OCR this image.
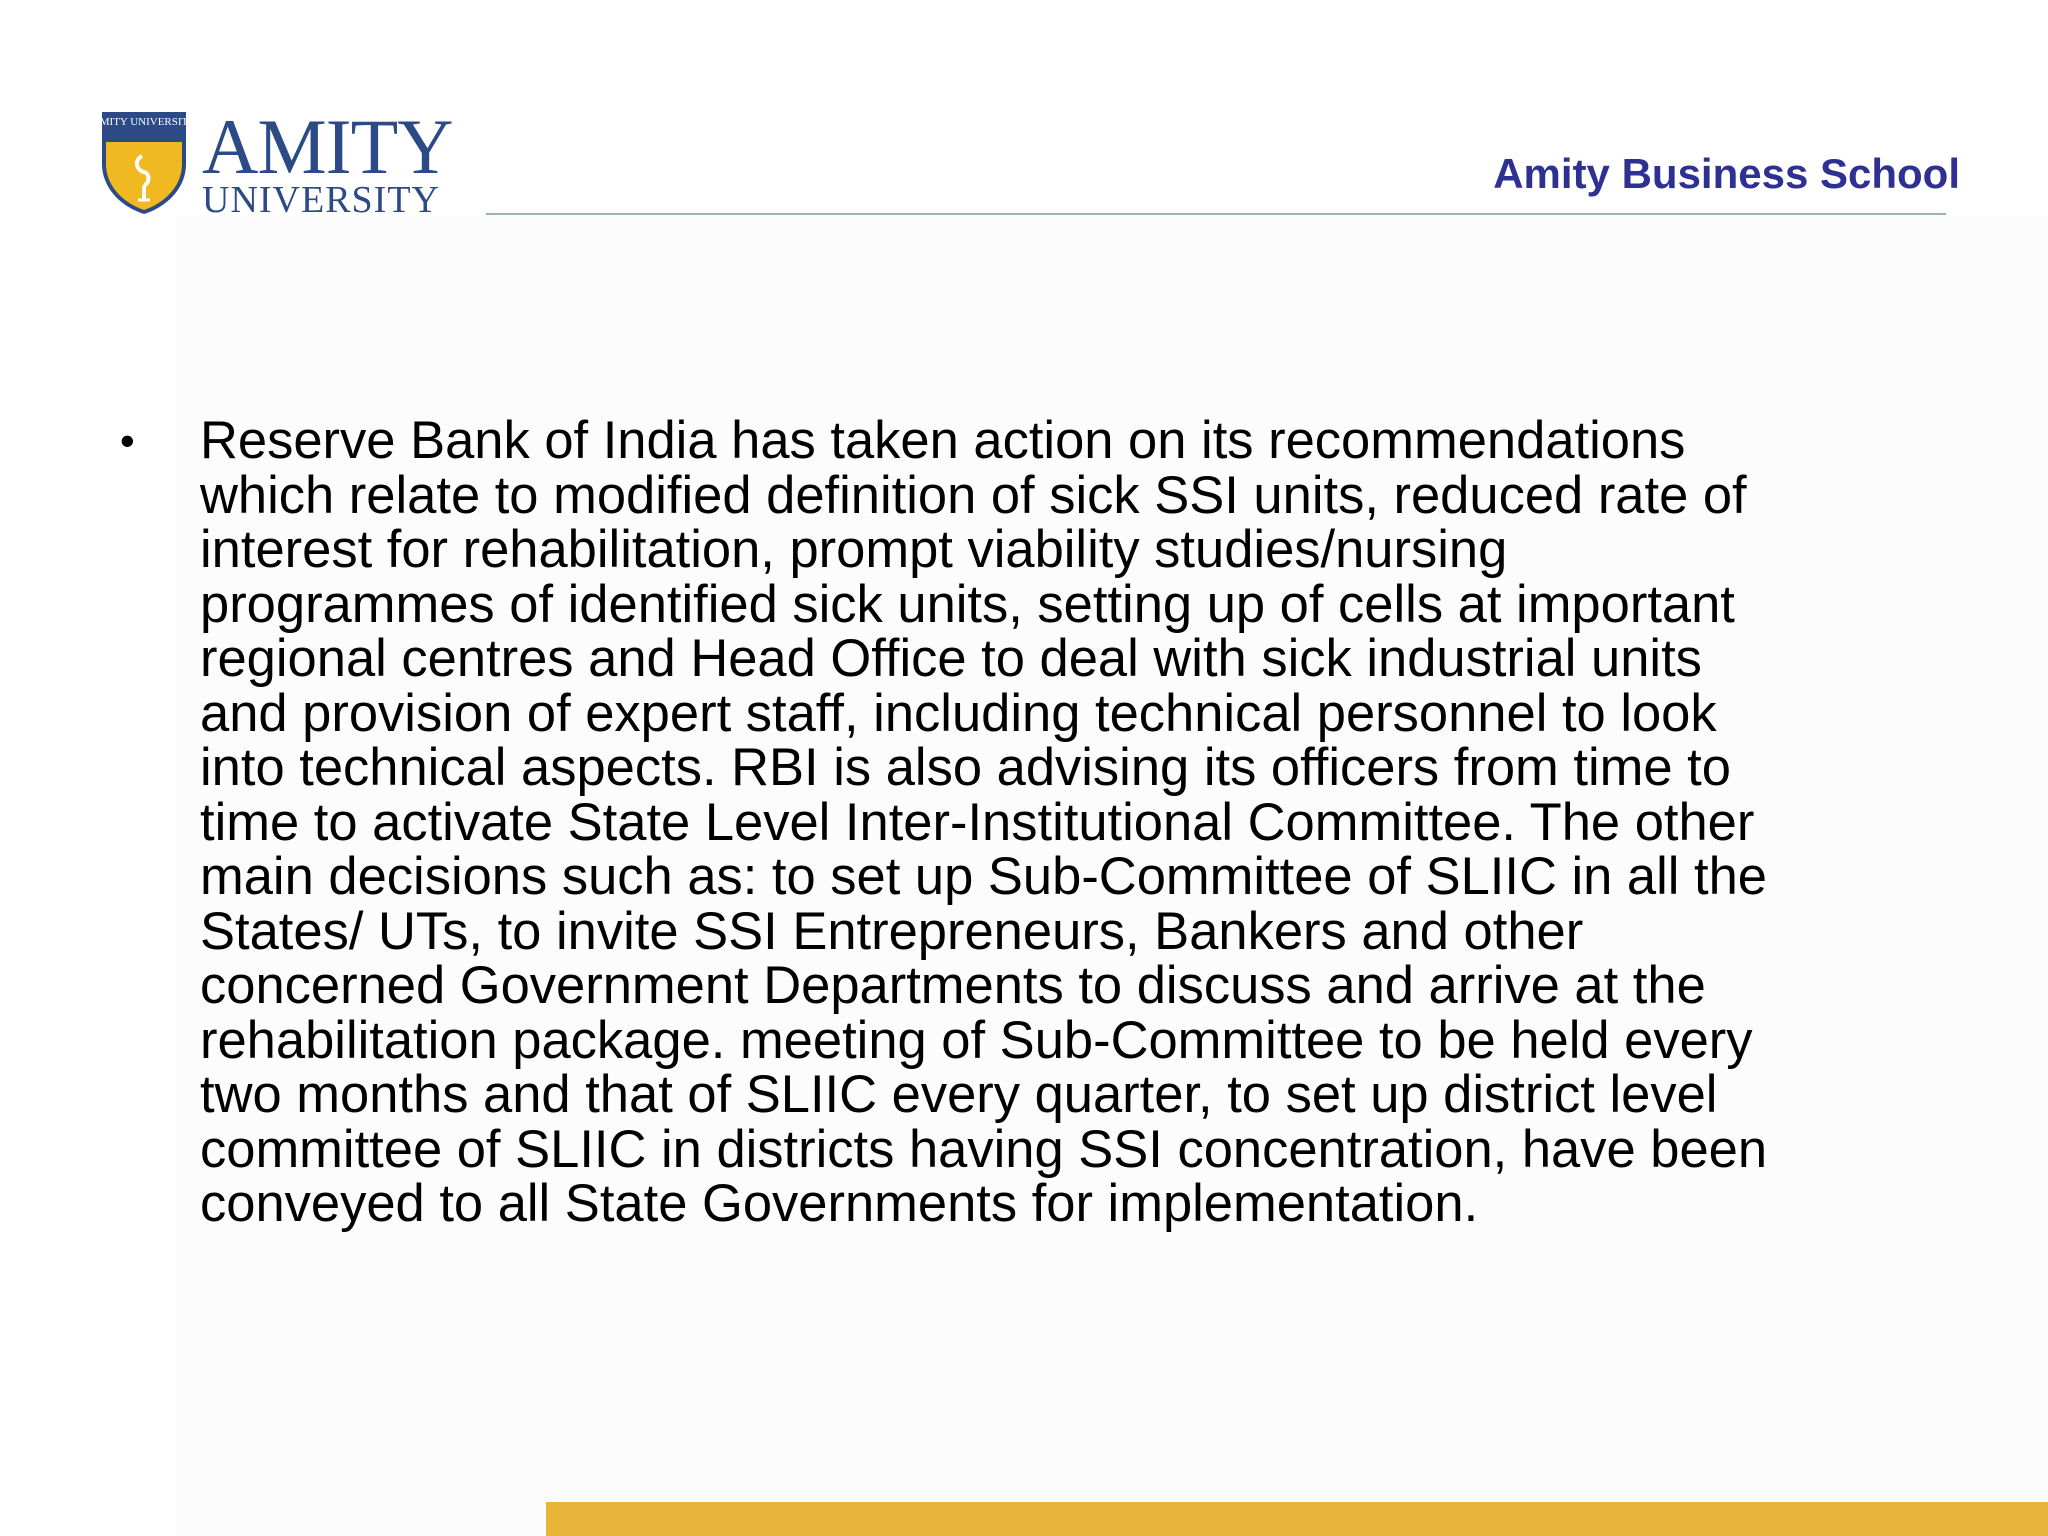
AMITY UNIVERSITY AMITY
UNIVERSITY
Amity Business School
• Reserve Bank of India has taken action on its recommendations
which relate to modified definition of sick SSI units, reduced rate of
interest for rehabilitation, prompt viability studies/nursing
programmes of identified sick units, setting up of cells at important
regional centres and Head Office to deal with sick industrial units
and provision of expert staff, including technical personnel to look
into technical aspects. RBI is also advising its officers from time to
time to activate State Level Inter-Institutional Committee. The other
main decisions such as: to set up Sub-Committee of SLIIC in all the
States/ UTs, to invite SSI Entrepreneurs, Bankers and other
concerned Government Departments to discuss and arrive at the
rehabilitation package. meeting of Sub-Committee to be held every
two months and that of SLIIC every quarter, to set up district level
committee of SLIIC in districts having SSI concentration, have been
conveyed to all State Governments for implementation.
